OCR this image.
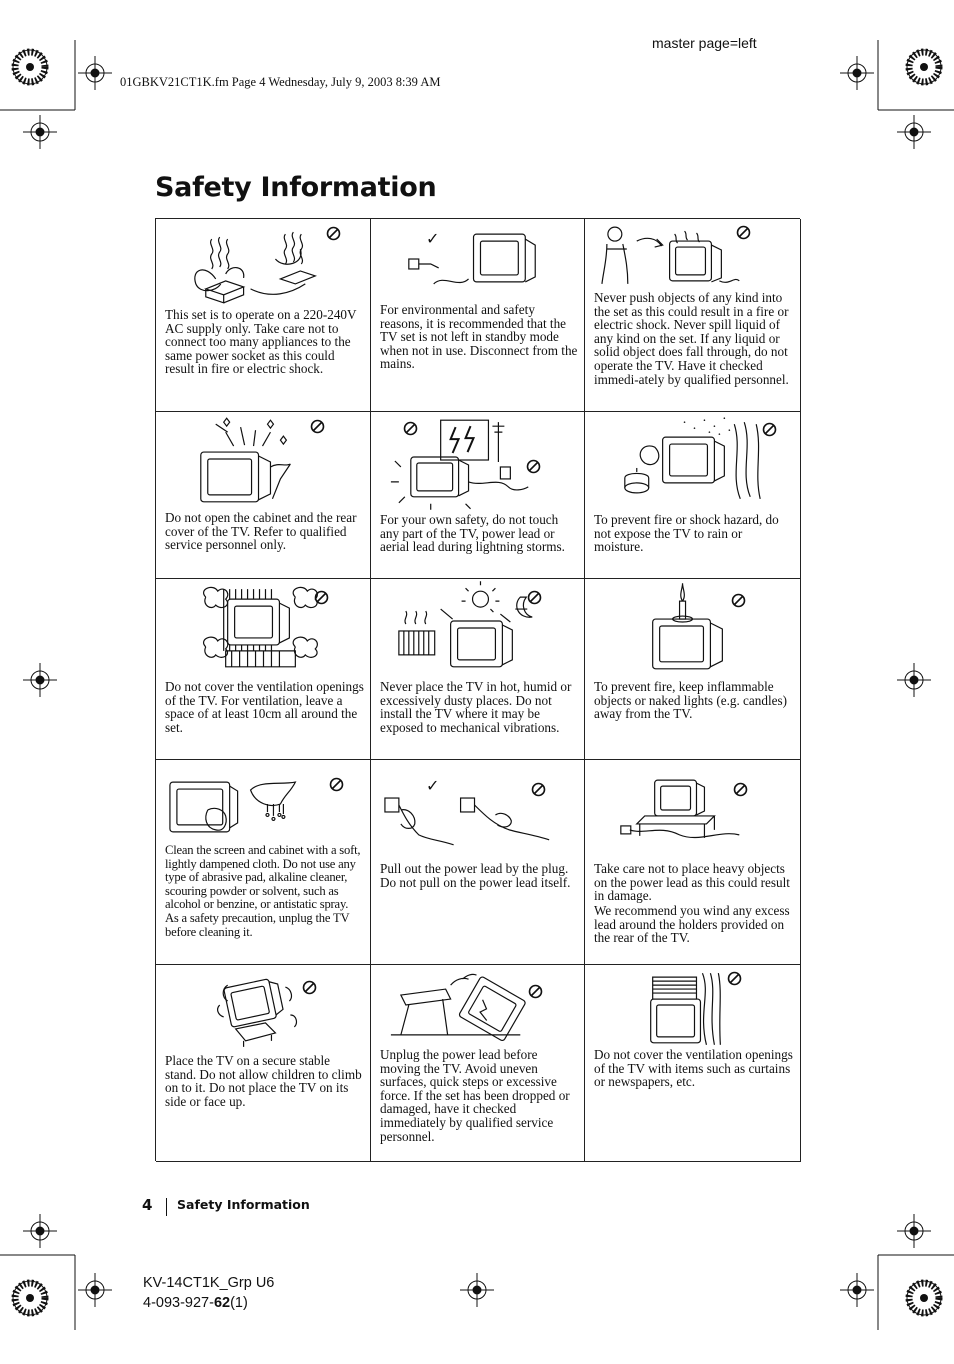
master page=left
01GBKV21CT1K.fm Page 4 Wednesday, July 9, 2003 8:39 AM
Safety Information

This set is to operate on a 220-240V AC supply only. Take care not to connect too many appliances to the same power socket as this could result in fire or electric shock.

✓

For environmental and safety reasons, it is recommended that the TV set is not left in standby mode when not in use. Disconnect from the mains.

Never push objects of any kind into the set as this could result in a fire or electric shock. Never spill liquid of any kind on the set. If any liquid or solid object does fall through, do not operate the TV. Have it checked immedi-ately by qualified personnel.

Do not open the cabinet and the rear cover of the TV. Refer to qualified service personnel only.

For your own safety, do not touch any part of the TV, power lead or aerial lead during lightning storms.

To prevent fire or shock hazard, do not expose the TV to rain or moisture.

Do not cover the ventilation openings of the TV. For ventilation, leave a space of at least 10cm all around the set.

Never place the TV in hot, humid or excessively dusty places. Do not install the TV where it may be exposed to mechanical vibrations.

To prevent fire, keep inflammable objects or naked lights (e.g. candles) away from the TV.

Clean the screen and cabinet with a soft, lightly dampened cloth. Do not use any type of abrasive pad, alkaline cleaner, scouring powder or solvent, such as alcohol or benzine, or antistatic spray. As a safety precaution, unplug the TV before cleaning it.

✓

Pull out the power lead by the plug. Do not pull on the power lead itself.

Take care not to place heavy objects on the power lead as this could result in damage.

We recommend you wind any excess lead around the holders provided on the rear of the TV.

Place the TV on a secure stable stand. Do not allow children to climb on to it. Do not place the TV on its side or face up.

Unplug the power lead before moving the TV. Avoid uneven surfaces, quick steps or excessive force. If the set has been dropped or damaged, have it checked immediately by qualified service personnel.

Do not cover the ventilation openings of the TV with items such as curtains or newspapers, etc.

4 Safety Information
KV-14CT1K_Grp U6
4-093-927-62(1)
